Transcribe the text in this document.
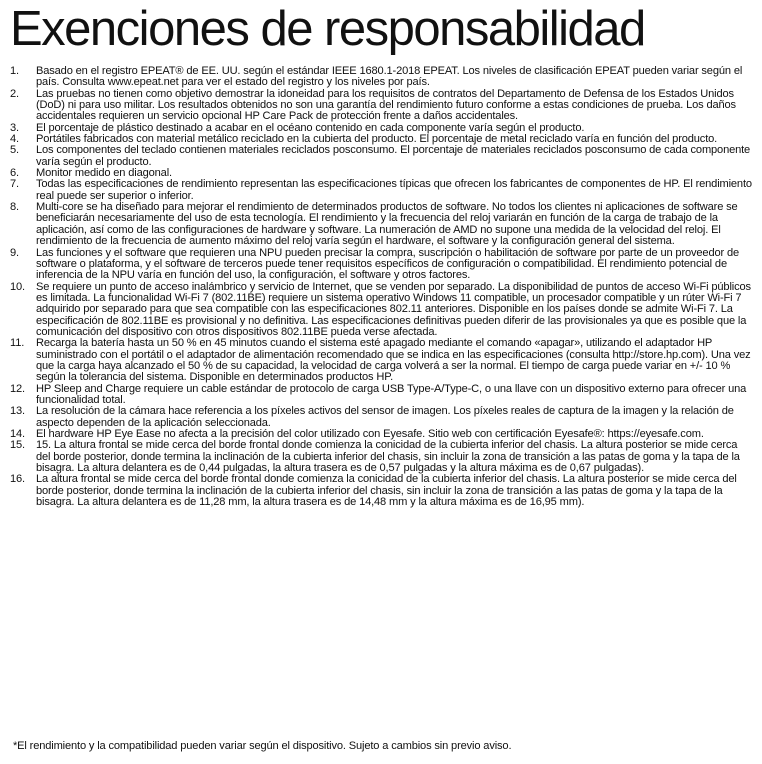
Exenciones de responsabilidad
1.	Basado en el registro EPEAT® de EE. UU. según el estándar IEEE 1680.1-2018 EPEAT. Los niveles de clasificación EPEAT pueden variar según el país. Consulta www.epeat.net para ver el estado del registro y los niveles por país.
2.	Las pruebas no tienen como objetivo demostrar la idoneidad para los requisitos de contratos del Departamento de Defensa de los Estados Unidos (DoD) ni para uso militar. Los resultados obtenidos no son una garantía del rendimiento futuro conforme a estas condiciones de prueba. Los daños accidentales requieren un servicio opcional HP Care Pack de protección frente a daños accidentales.
3.	El porcentaje de plástico destinado a acabar en el océano contenido en cada componente varía según el producto.
4.	Portátiles fabricados con material metálico reciclado en la cubierta del producto. El porcentaje de metal reciclado varía en función del producto.
5.	Los componentes del teclado contienen materiales reciclados posconsumo. El porcentaje de materiales reciclados posconsumo de cada componente varía según el producto.
6.	Monitor medido en diagonal.
7.	Todas las especificaciones de rendimiento representan las especificaciones típicas que ofrecen los fabricantes de componentes de HP. El rendimiento real puede ser superior o inferior.
8.	Multi-core se ha diseñado para mejorar el rendimiento de determinados productos de software. No todos los clientes ni aplicaciones de software se beneficiarán necesariamente del uso de esta tecnología. El rendimiento y la frecuencia del reloj variarán en función de la carga de trabajo de la aplicación, así como de las configuraciones de hardware y software. La numeración de AMD no supone una medida de la velocidad del reloj. El rendimiento de la frecuencia de aumento máximo del reloj varía según el hardware, el software y la configuración general del sistema.
9.	Las funciones y el software que requieren una NPU pueden precisar la compra, suscripción o habilitación de software por parte de un proveedor de software o plataforma, y el software de terceros puede tener requisitos específicos de configuración o compatibilidad. El rendimiento potencial de inferencia de la NPU varía en función del uso, la configuración, el software y otros factores.
10. Se requiere un punto de acceso inalámbrico y servicio de Internet, que se venden por separado. La disponibilidad de puntos de acceso Wi-Fi públicos es limitada. La funcionalidad Wi-Fi 7 (802.11BE) requiere un sistema operativo Windows 11 compatible, un procesador compatible y un rúter Wi-Fi 7 adquirido por separado para que sea compatible con las especificaciones 802.11 anteriores. Disponible en los países donde se admite Wi-Fi 7. La especificación de 802.11BE es provisional y no definitiva. Las especificaciones definitivas pueden diferir de las provisionales ya que es posible que la comunicación del dispositivo con otros dispositivos 802.11BE pueda verse afectada.
11.	Recarga la batería hasta un 50 % en 45 minutos cuando el sistema esté apagado mediante el comando «apagar», utilizando el adaptador HP suministrado con el portátil o el adaptador de alimentación recomendado que se indica en las especificaciones (consulta http://store.hp.com). Una vez que la carga haya alcanzado el 50 % de su capacidad, la velocidad de carga volverá a ser la normal. El tiempo de carga puede variar en +/- 10 % según la tolerancia del sistema. Disponible en determinados productos HP.
12. HP Sleep and Charge requiere un cable estándar de protocolo de carga USB Type-A/Type-C, o una llave con un dispositivo externo para ofrecer una funcionalidad total.
13. La resolución de la cámara hace referencia a los píxeles activos del sensor de imagen. Los píxeles reales de captura de la imagen y la relación de aspecto dependen de la aplicación seleccionada.
14. El hardware HP Eye Ease no afecta a la precisión del color utilizado con Eyesafe. Sitio web con certificación Eyesafe®: https://eyesafe.com.
15. 15. La altura frontal se mide cerca del borde frontal donde comienza la conicidad de la cubierta inferior del chasis. La altura posterior se mide cerca del borde posterior, donde termina la inclinación de la cubierta inferior del chasis, sin incluir la zona de transición a las patas de goma y la tapa de la bisagra. La altura delantera es de 0,44 pulgadas, la altura trasera es de 0,57 pulgadas y la altura máxima es de 0,67 pulgadas).
16. La altura frontal se mide cerca del borde frontal donde comienza la conicidad de la cubierta inferior del chasis. La altura posterior se mide cerca del borde posterior, donde termina la inclinación de la cubierta inferior del chasis, sin incluir la zona de transición a las patas de goma y la tapa de la bisagra. La altura delantera es de 11,28 mm, la altura trasera es de 14,48 mm y la altura máxima es de 16,95 mm).
*El rendimiento y la compatibilidad pueden variar según el dispositivo. Sujeto a cambios sin previo aviso.
